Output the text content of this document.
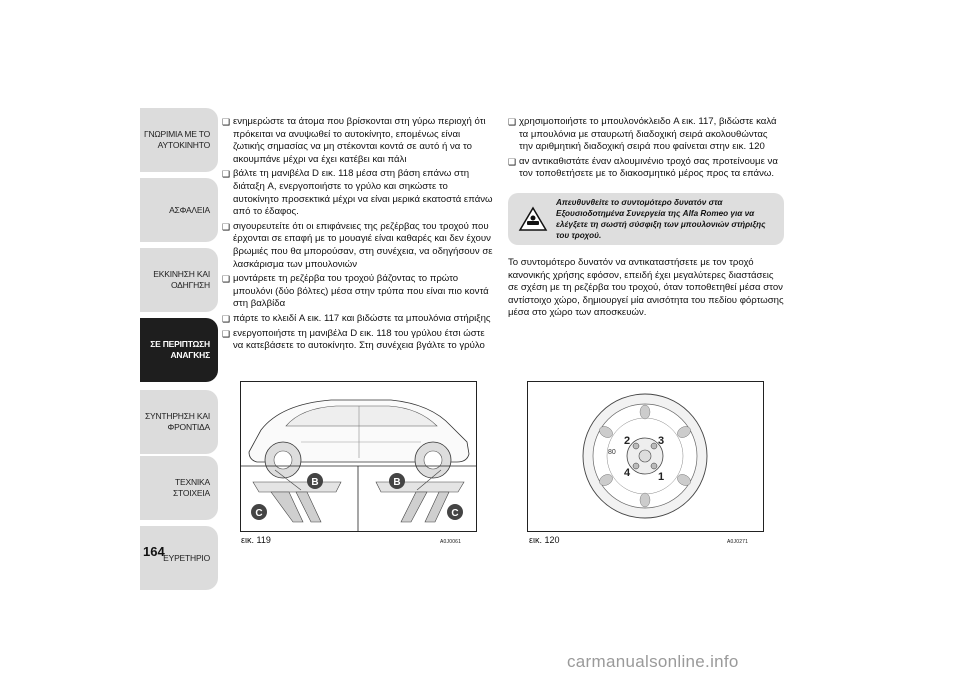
ΓΝΩΡΙΜΙΑ ΜΕ ΤΟ ΑΥΤΟΚΙΝΗΤΟ
ΑΣΦΑΛΕΙΑ
ΕΚΚΙΝΗΣΗ ΚΑΙ ΟΔΗΓΗΣΗ
ΣΕ ΠΕΡΙΠΤΩΣΗ ΑΝΑΓΚΗΣ
ΣΥΝΤΗΡΗΣΗ ΚΑΙ ΦΡΟΝΤΙΔΑ
ΤΕΧΝΙΚΑ ΣΤΟΙΧΕΙΑ
ΕΥΡΕΤΗΡΙΟ
164
❑
ενημερώστε τα άτομα που βρίσκονται στη γύρω περιοχή ότι πρόκειται να ανυψωθεί το αυτοκίνητο, επομένως είναι ζωτικής σημασίας να μη στέκονται κοντά σε αυτό ή να το ακουμπάνε μέχρι να έχει κατέβει και πάλι
❑
βάλτε τη μανιβέλα D εικ. 118 μέσα στη βάση επάνω στη διάταξη A, ενεργοποιήστε το γρύλο και σηκώστε το αυτοκίνητο προσεκτικά μέχρι να είναι μερικά εκατοστά επάνω από το έδαφος.
❑
σιγουρευτείτε ότι οι επιφάνειες της ρεζέρβας του τροχού που έρχονται σε επαφή με το μουαγιέ είναι καθαρές και δεν έχουν βρωμιές που θα μπορούσαν, στη συνέχεια, να οδηγήσουν σε λασκάρισμα των μπουλονιών
❑
μοντάρετε τη ρεζέρβα του τροχού βάζοντας το πρώτο μπουλόνι (δύο βόλτες) μέσα στην τρύπα που είναι πιο κοντά στη βαλβίδα
❑
πάρτε το κλειδί A εικ. 117 και βιδώστε τα μπουλόνια στήριξης
❑
ενεργοποιήστε τη μανιβέλα D εικ. 118 του γρύλου έτσι ώστε να κατεβάσετε το αυτοκίνητο. Στη συνέχεια βγάλτε το γρύλο
❑
χρησιμοποιήστε το μπουλονόκλειδο A εικ. 117, βιδώστε καλά τα μπουλόνια με σταυρωτή διαδοχική σειρά ακολουθώντας την αριθμητική διαδοχική σειρά που φαίνεται στην εικ. 120
❑
αν αντικαθιστάτε έναν αλουμινένιο τροχό σας προτείνουμε να τον τοποθετήσετε με το διακοσμητικό μέρος προς τα επάνω.
Απευθυνθείτε το συντομότερο δυνατόν στα Εξουσιοδοτημένα Συνεργεία της Alfa Romeo για να ελέγξετε τη σωστή σύσφιξη των μπουλονιών στήριξης του τροχού.
Το συντομότερο δυνατόν να αντικαταστήσετε με τον τροχό κανονικής χρήσης εφόσον, επειδή έχει μεγαλύτερες διαστάσεις σε σχέση με τη ρεζέρβα του τροχού, όταν τοποθετηθεί μέσα στον αντίστοιχο χώρο, δημιουργεί μία ανισότητα του πεδίου φόρτωσης μέσα στο χώρο των αποσκευών.
B
C
B
C
εικ. 119	A0J0061
80
2	3
4	1
εικ. 120	A0J0271
carmanualsonline.info
